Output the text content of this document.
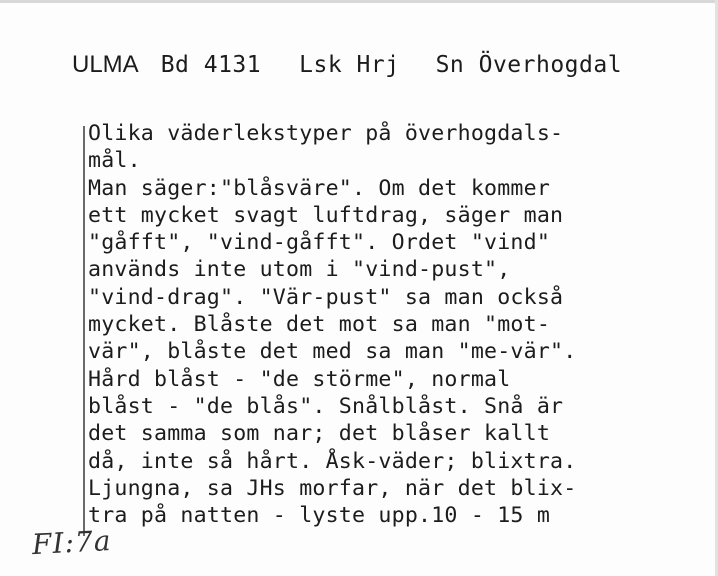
ULMA Bd 4131 Lsk Hrj Sn Överhogdal
Olika väderlekstyper på överhogdals-
mål.
Man säger:"blåsväre". Om det kommer
ett mycket svagt luftdrag, säger man
"gåfft", "vind-gåfft". Ordet "vind"
används inte utom i "vind-pust",
"vind-drag". "Vär-pust" sa man också
mycket. Blåste det mot sa man "mot-
vär", blåste det med sa man "me-vär".
Hård blåst - "de störme", normal
blåst - "de blås". Snålblåst. Snå är
det samma som nar; det blåser kallt
då, inte så hårt. Åsk-väder; blixtra.
Ljungna, sa JHs morfar, när det blix-
tra på natten - lyste upp.10 - 15 m
FI:7a
